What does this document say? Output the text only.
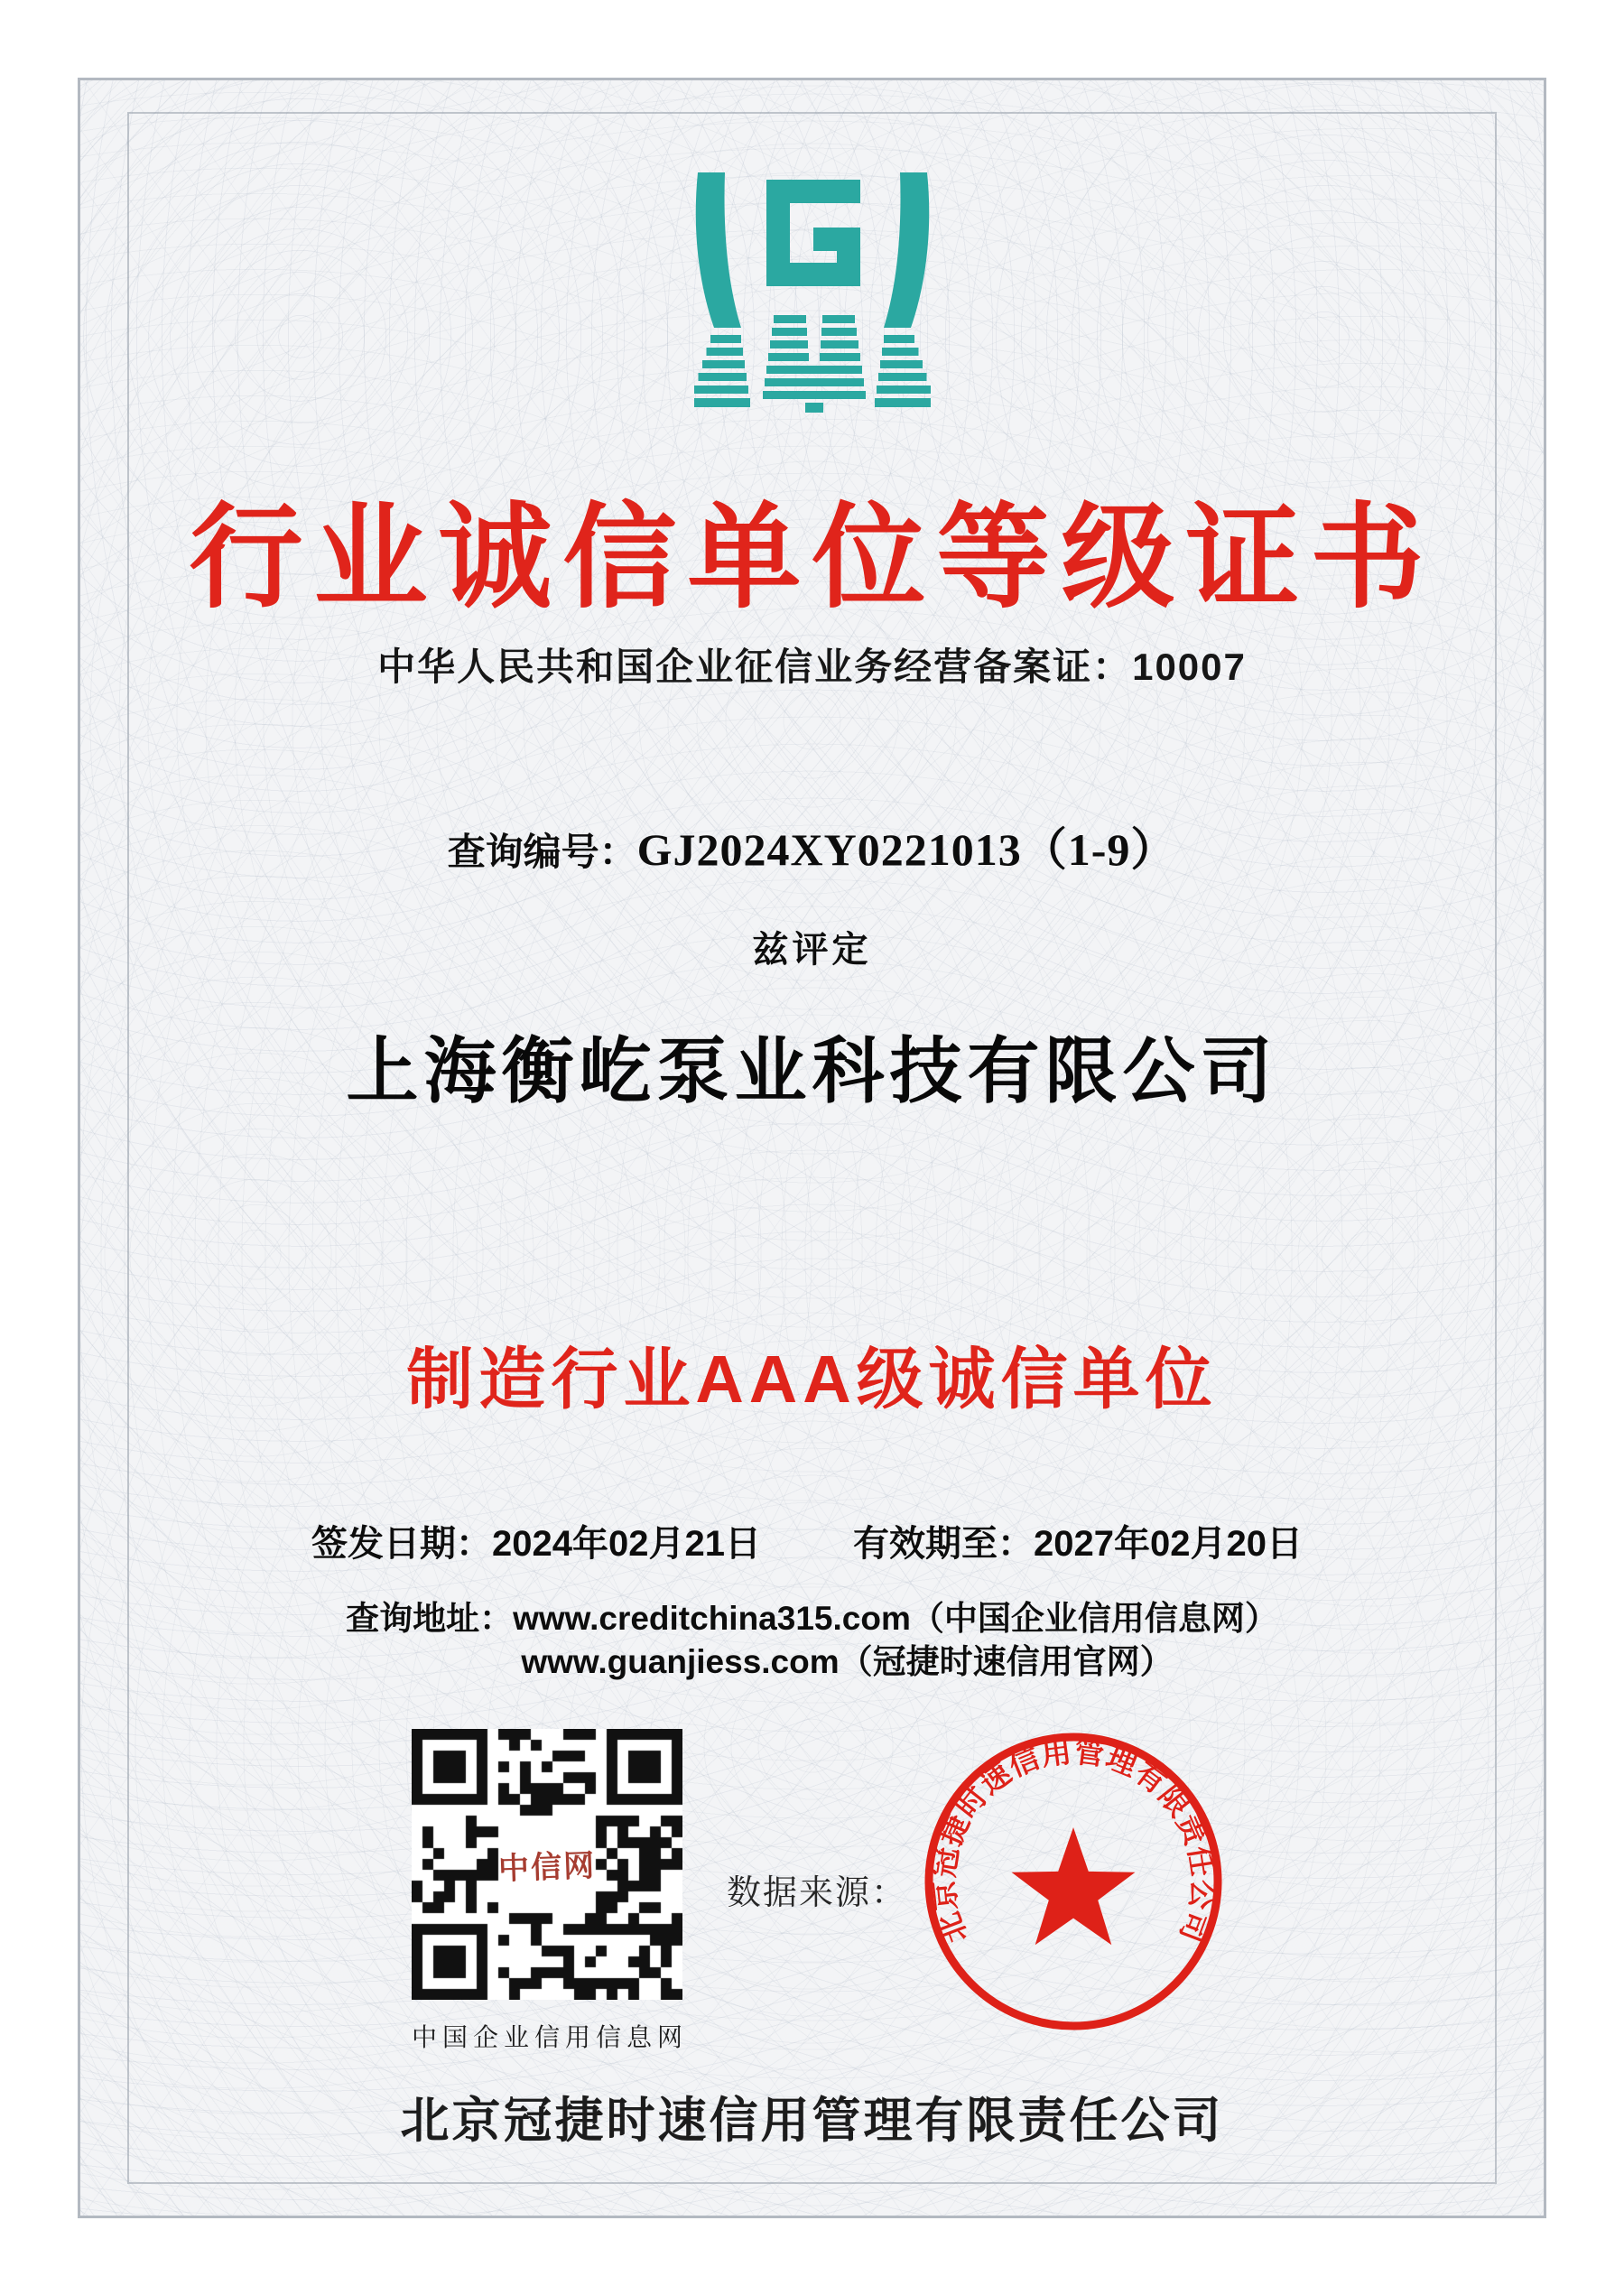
行业诚信单位等级证书
中华人民共和国企业征信业务经营备案证：10007
查询编号：GJ2024XY0221013（1-9）
兹评定
上海衡屹泵业科技有限公司
制造行业AAA级诚信单位
签发日期：2024年02月21日	有效期至：2027年02月20日
查询地址：www.creditchina315.com（中国企业信用信息网）
www.guanjiess.com（冠捷时速信用官网）
中信网
中国企业信用信息网
数据来源：
北京冠捷时速信用管理有限责任公司
北京冠捷时速信用管理有限责任公司
